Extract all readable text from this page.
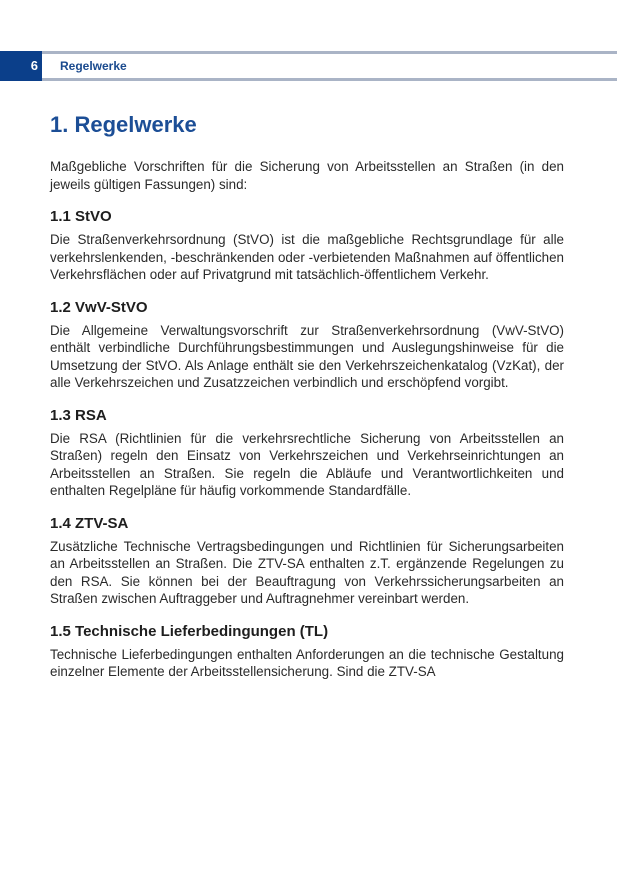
6	Regelwerke
1. Regelwerke

Maßgebliche Vorschriften für die Sicherung von Arbeitsstellen an Straßen (in den jeweils gültigen Fassungen) sind:

1.1 StVO

Die Straßenverkehrsordnung (StVO) ist die maßgebliche Rechtsgrundlage für alle verkehrslenkenden, -beschränkenden oder -verbietenden Maßnahmen auf öffentlichen Verkehrsflächen oder auf Privatgrund mit tatsächlich-öffentlichem Verkehr.

1.2 VwV-StVO

Die Allgemeine Verwaltungsvorschrift zur Straßenverkehrsordnung (VwV-StVO) enthält verbindliche Durchführungsbestimmungen und Auslegungshinweise für die Umsetzung der StVO. Als Anlage enthält sie den Verkehrszeichenkatalog (VzKat), der alle Verkehrszeichen und Zusatzzeichen verbindlich und erschöpfend vorgibt.

1.3 RSA

Die RSA (Richtlinien für die verkehrsrechtliche Sicherung von Arbeitsstellen an Straßen) regeln den Einsatz von Verkehrszeichen und Verkehrseinrichtungen an Arbeitsstellen an Straßen. Sie regeln die Abläufe und Verantwortlichkeiten und enthalten Regelpläne für häufig vorkommende Standardfälle.

1.4 ZTV-SA

Zusätzliche Technische Vertragsbedingungen und Richtlinien für Sicherungsarbeiten an Arbeitsstellen an Straßen. Die ZTV-SA enthalten z.T. ergänzende Regelungen zu den RSA. Sie können bei der Beauftragung von Verkehrssicherungsarbeiten an Straßen zwischen Auftraggeber und Auftragnehmer vereinbart werden.

1.5 Technische Lieferbedingungen (TL)

Technische Lieferbedingungen enthalten Anforderungen an die technische Gestaltung einzelner Elemente der Arbeitsstellensicherung. Sind die ZTV-SA
